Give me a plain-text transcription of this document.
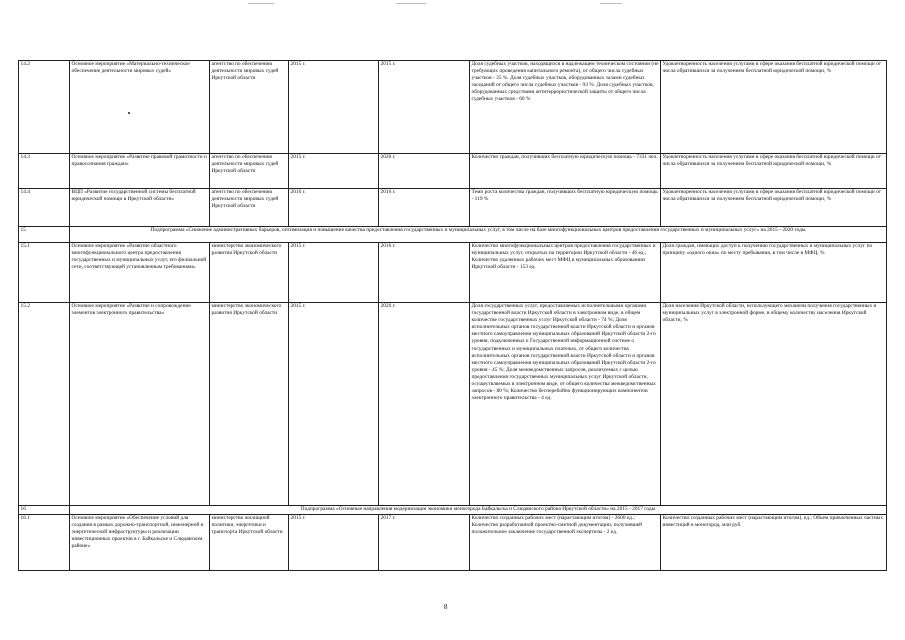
14.2	Основное мероприятие «Материально-техническое обеспечение деятельности мировых судей»	агентство по обеспечению деятельности мировых судей Иркутской области	2015 г.	2015 г.	Доля судебных участков, находящихся в надлежащем техническом состоянии (не требующих проведения капитального ремонта), от общего числа судебных участков - 35 %. Доля судебных участков, оборудованных залами судебных заседаний от общего числа судебных участков - 93 %. Доля судебных участков, оборудованных средствами антитеррористической защиты от общего числа судебных участков - 60 %	Удовлетворенность населения услугами в сфере оказания бесплатной юридической помощи от числа обратившихся за получением бесплатной юридической помощи, %
14.3	Основное мероприятие «Развитие правовой грамотности и правосознания граждан»	агентство по обеспечению деятельности мировых судей Иркутской области	2015 г.	2020 г.	Количество граждан, получивших бесплатную юридическую помощь - 7331 чел.	Удовлетворенность населения услугами в сфере оказания бесплатной юридической помощи от числа обратившихся за получением бесплатной юридической помощи, %
14.4	ВЦП «Развитие государственной системы бесплатной юридической помощи в Иркутской области»	агентство по обеспечению деятельности мировых судей Иркутской области	2016 г.	2016 г.	Темп роста количества граждан, получивших бесплатную юридическую помощь - 119 %	Удовлетворенность населения услугами в сфере оказания бесплатной юридической помощи от числа обратившихся за получением бесплатной юридической помощи, %
15	Подпрограмма «Снижение административных барьеров, оптимизация и повышение качества предоставления государственных и муниципальных услуг, в том числе на базе многофункциональных центров предоставления государственных и муниципальных услуг» на 2015 - 2020 годы					
15.1	Основное мероприятие «Развитие областного многофункционального центра предоставления государственных и муниципальных услуг, его филиальной сети, соответствующей установленным требованиям»	министерство экономического развития Иркутской области	2015 г.	2016 г.	Количество многофункциональных центров предоставления государственных и муниципальных услуг, открытых на территории Иркутской области - 46 ед.; Количество удаленных рабочих мест МФЦ в муниципальных образованиях Иркутской области - 153 ед.	Доля граждан, имеющих доступ к получению государственных и муниципальных услуг по принципу «одного окна» по месту пребывания, в том числе в МФЦ, %
15.2	Основное мероприятие «Развитие и сопровождение элементов электронного правительства»	министерство экономического развития Иркутской области	2015 г.	2020 г.	Доля государственных услуг, предоставляемых исполнительными органами государственной власти Иркутской области в электронном виде, в общем количестве государственных услуг Иркутской области - 74 %; Доля исполнительных органов государственной власти Иркутской области и органов местного самоуправления муниципальных образований Иркутской области 2-го уровня, подключенных к Государственной информационной системе о государственных и муниципальных платежах, от общего количества исполнительных органов государственной власти Иркутской области и органов местного самоуправления муниципальных образований Иркутской области 2-го уровня - 45 %; Доля межведомственных запросов, реализуемых с целью предоставления государственных муниципальных услуг Иркутской области, осуществляемых в электронном виде, от общего количества межведомственных запросов - 80 %; Количество бесперебойно функционирующих компонентов электронного правительства - 4 ед.	Доля населения Иркутской области, использующего механизм получения государственных и муниципальных услуг в электронной форме, в общему количеству населения Иркутской области, %
16	Подпрограмма «Основные направления модернизации экономики моногорода Байкальска и Слюдянского района Иркутской области» на 2015 - 2017 годы					
16.1	Основное мероприятие «Обеспечение условий для создания в рамках дорожно-транспортной, инженерной и энергетической инфраструктуры и реализации инвестиционных проектов в г. Байкальске и Слюдянском районе»	министерство жилищной политики, энергетики и транспорта Иркутской области	2015 г.	2017 г.	Количество созданных рабочих мест (нарастающим итогом) - 2600 ед.; Количество разработанной проектно-сметной документации, получившей положительное заключение государственной экспертизы - 2 ед.	Количество созданных рабочих мест (нарастающим итогом), ед.; Объем привлеченных частных инвестиций в моногород, млн руб.
8
